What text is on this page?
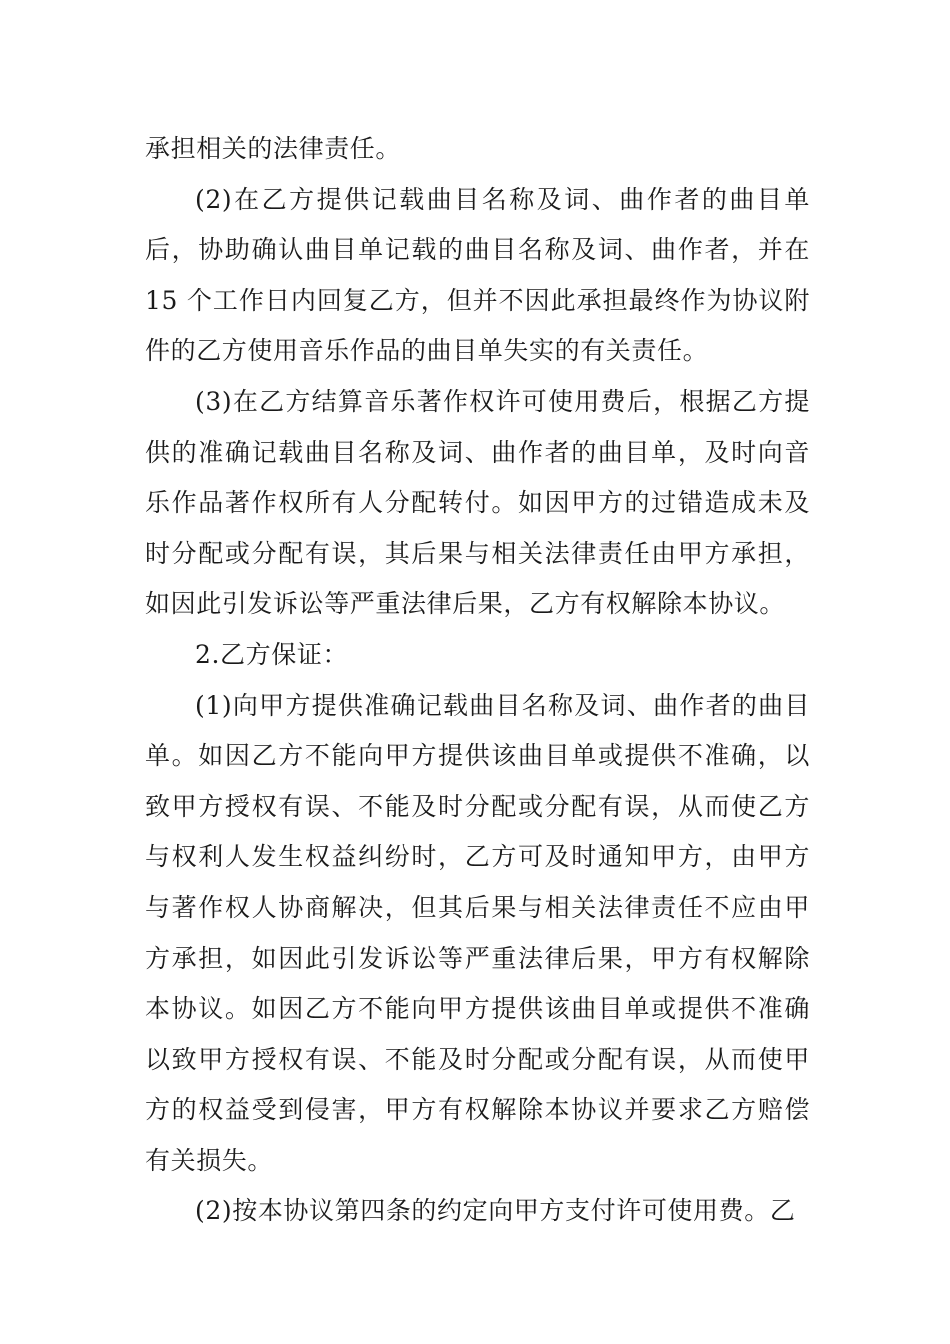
承担相关的法律责任。

(2)在乙方提供记载曲目名称及词、曲作者的曲目单后，协助确认曲目单记载的曲目名称及词、曲作者，并在 15 个工作日内回复乙方，但并不因此承担最终作为协议附件的乙方使用音乐作品的曲目单失实的有关责任。

(3)在乙方结算音乐著作权许可使用费后，根据乙方提供的准确记载曲目名称及词、曲作者的曲目单，及时向音乐作品著作权所有人分配转付。如因甲方的过错造成未及时分配或分配有误，其后果与相关法律责任由甲方承担，如因此引发诉讼等严重法律后果，乙方有权解除本协议。

2.乙方保证：

(1)向甲方提供准确记载曲目名称及词、曲作者的曲目单。如因乙方不能向甲方提供该曲目单或提供不准确，以致甲方授权有误、不能及时分配或分配有误，从而使乙方与权利人发生权益纠纷时，乙方可及时通知甲方，由甲方与著作权人协商解决，但其后果与相关法律责任不应由甲方承担，如因此引发诉讼等严重法律后果，甲方有权解除本协议。如因乙方不能向甲方提供该曲目单或提供不准确以致甲方授权有误、不能及时分配或分配有误，从而使甲方的权益受到侵害，甲方有权解除本协议并要求乙方赔偿有关损失。

(2)按本协议第四条的约定向甲方支付许可使用费。乙
